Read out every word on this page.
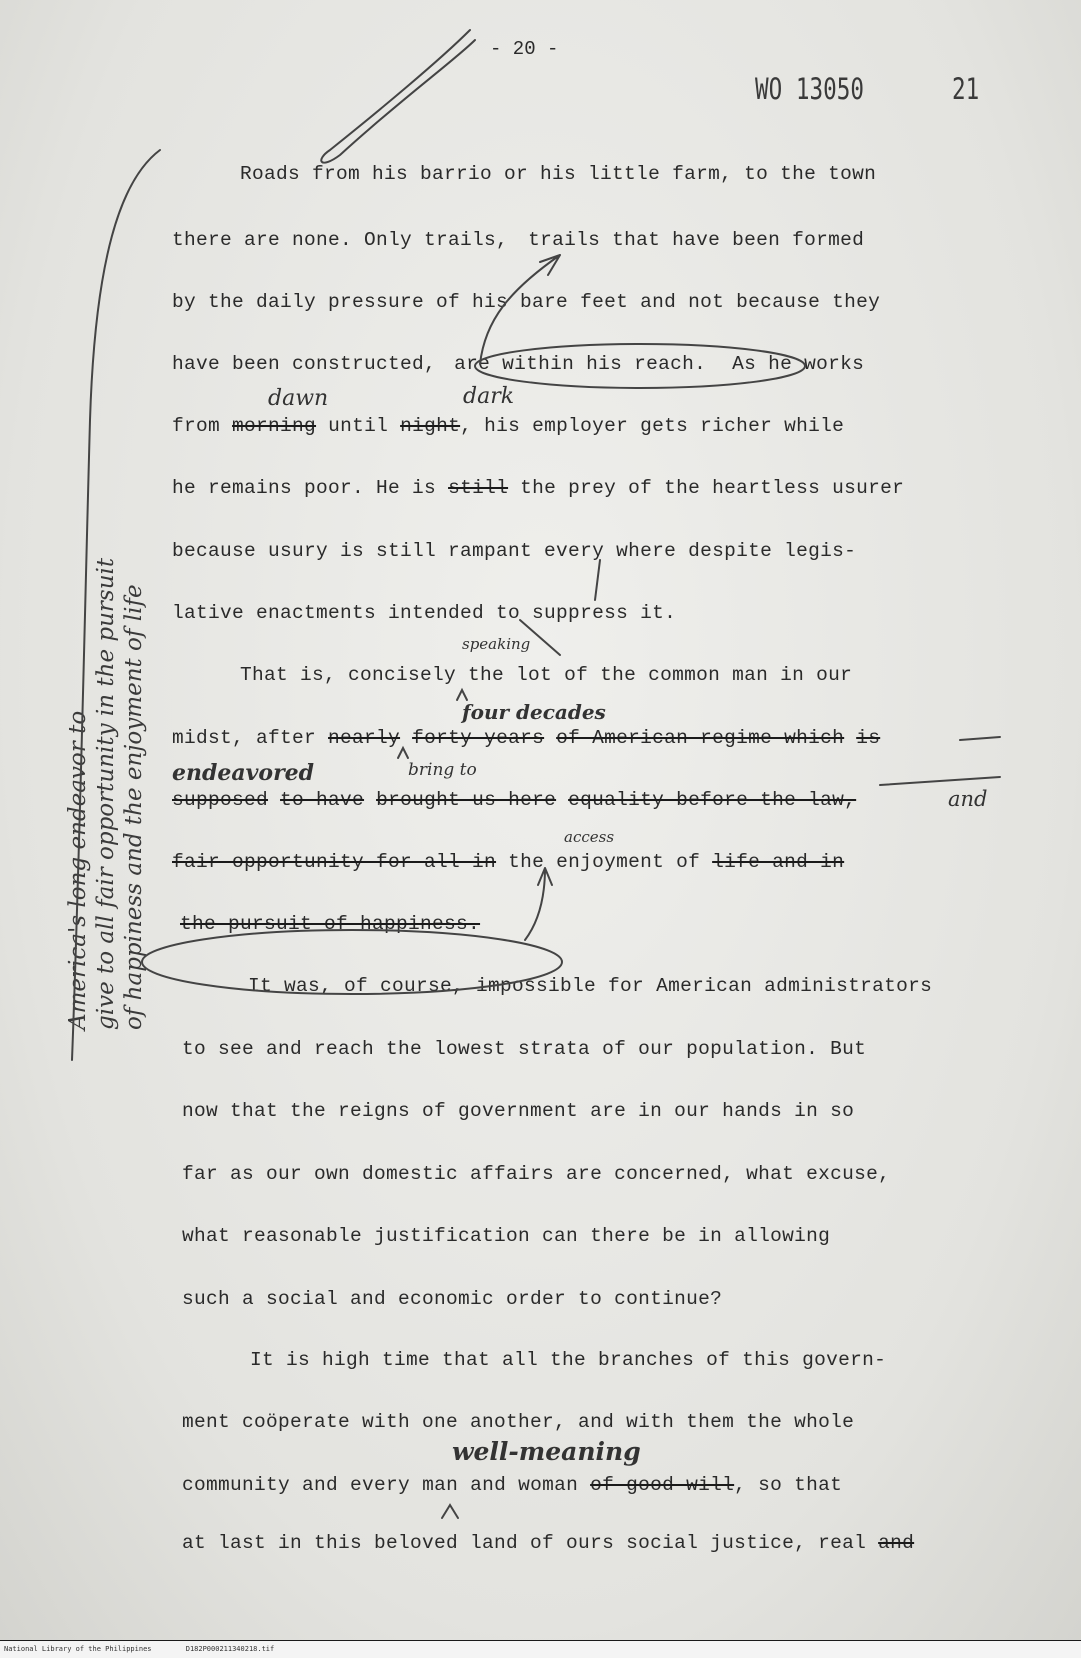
- 20 -
WO 13050	21
Roads from his barrio or his little farm, to the town
there are none. Only trails, trails that have been formed
by the daily pressure of his bare feet and not because they
have been constructed, are within his reach. As he works
from morning until night, his employer gets richer while
he remains poor. He is still the prey of the heartless usurer
because usury is still rampant every where despite legis-
lative enactments intended to suppress it.
That is, concisely the lot of the common man in our
midst, after nearly forty years of American regime which is
supposed to have brought us here equality before the law,
fair opportunity for all in the enjoyment of life and in
the pursuit of happiness.
It was, of course, impossible for American administrators
to see and reach the lowest strata of our population. But
now that the reigns of government are in our hands in so
far as our own domestic affairs are concerned, what excuse,
what reasonable justification can there be in allowing
such a social and economic order to continue?
It is high time that all the branches of this govern-
ment coöperate with one another, and with them the whole
community and every man and woman of good will, so that
at last in this beloved land of ours social justice, real and
dawn	dark
speaking
four decades
endeavored	bring to
and
access
well-meaning
America's long endeavor to give to all fair opportunity in the pursuit of happiness and the enjoyment of life
National Library of the Philippines	D182P000211340218.tif
